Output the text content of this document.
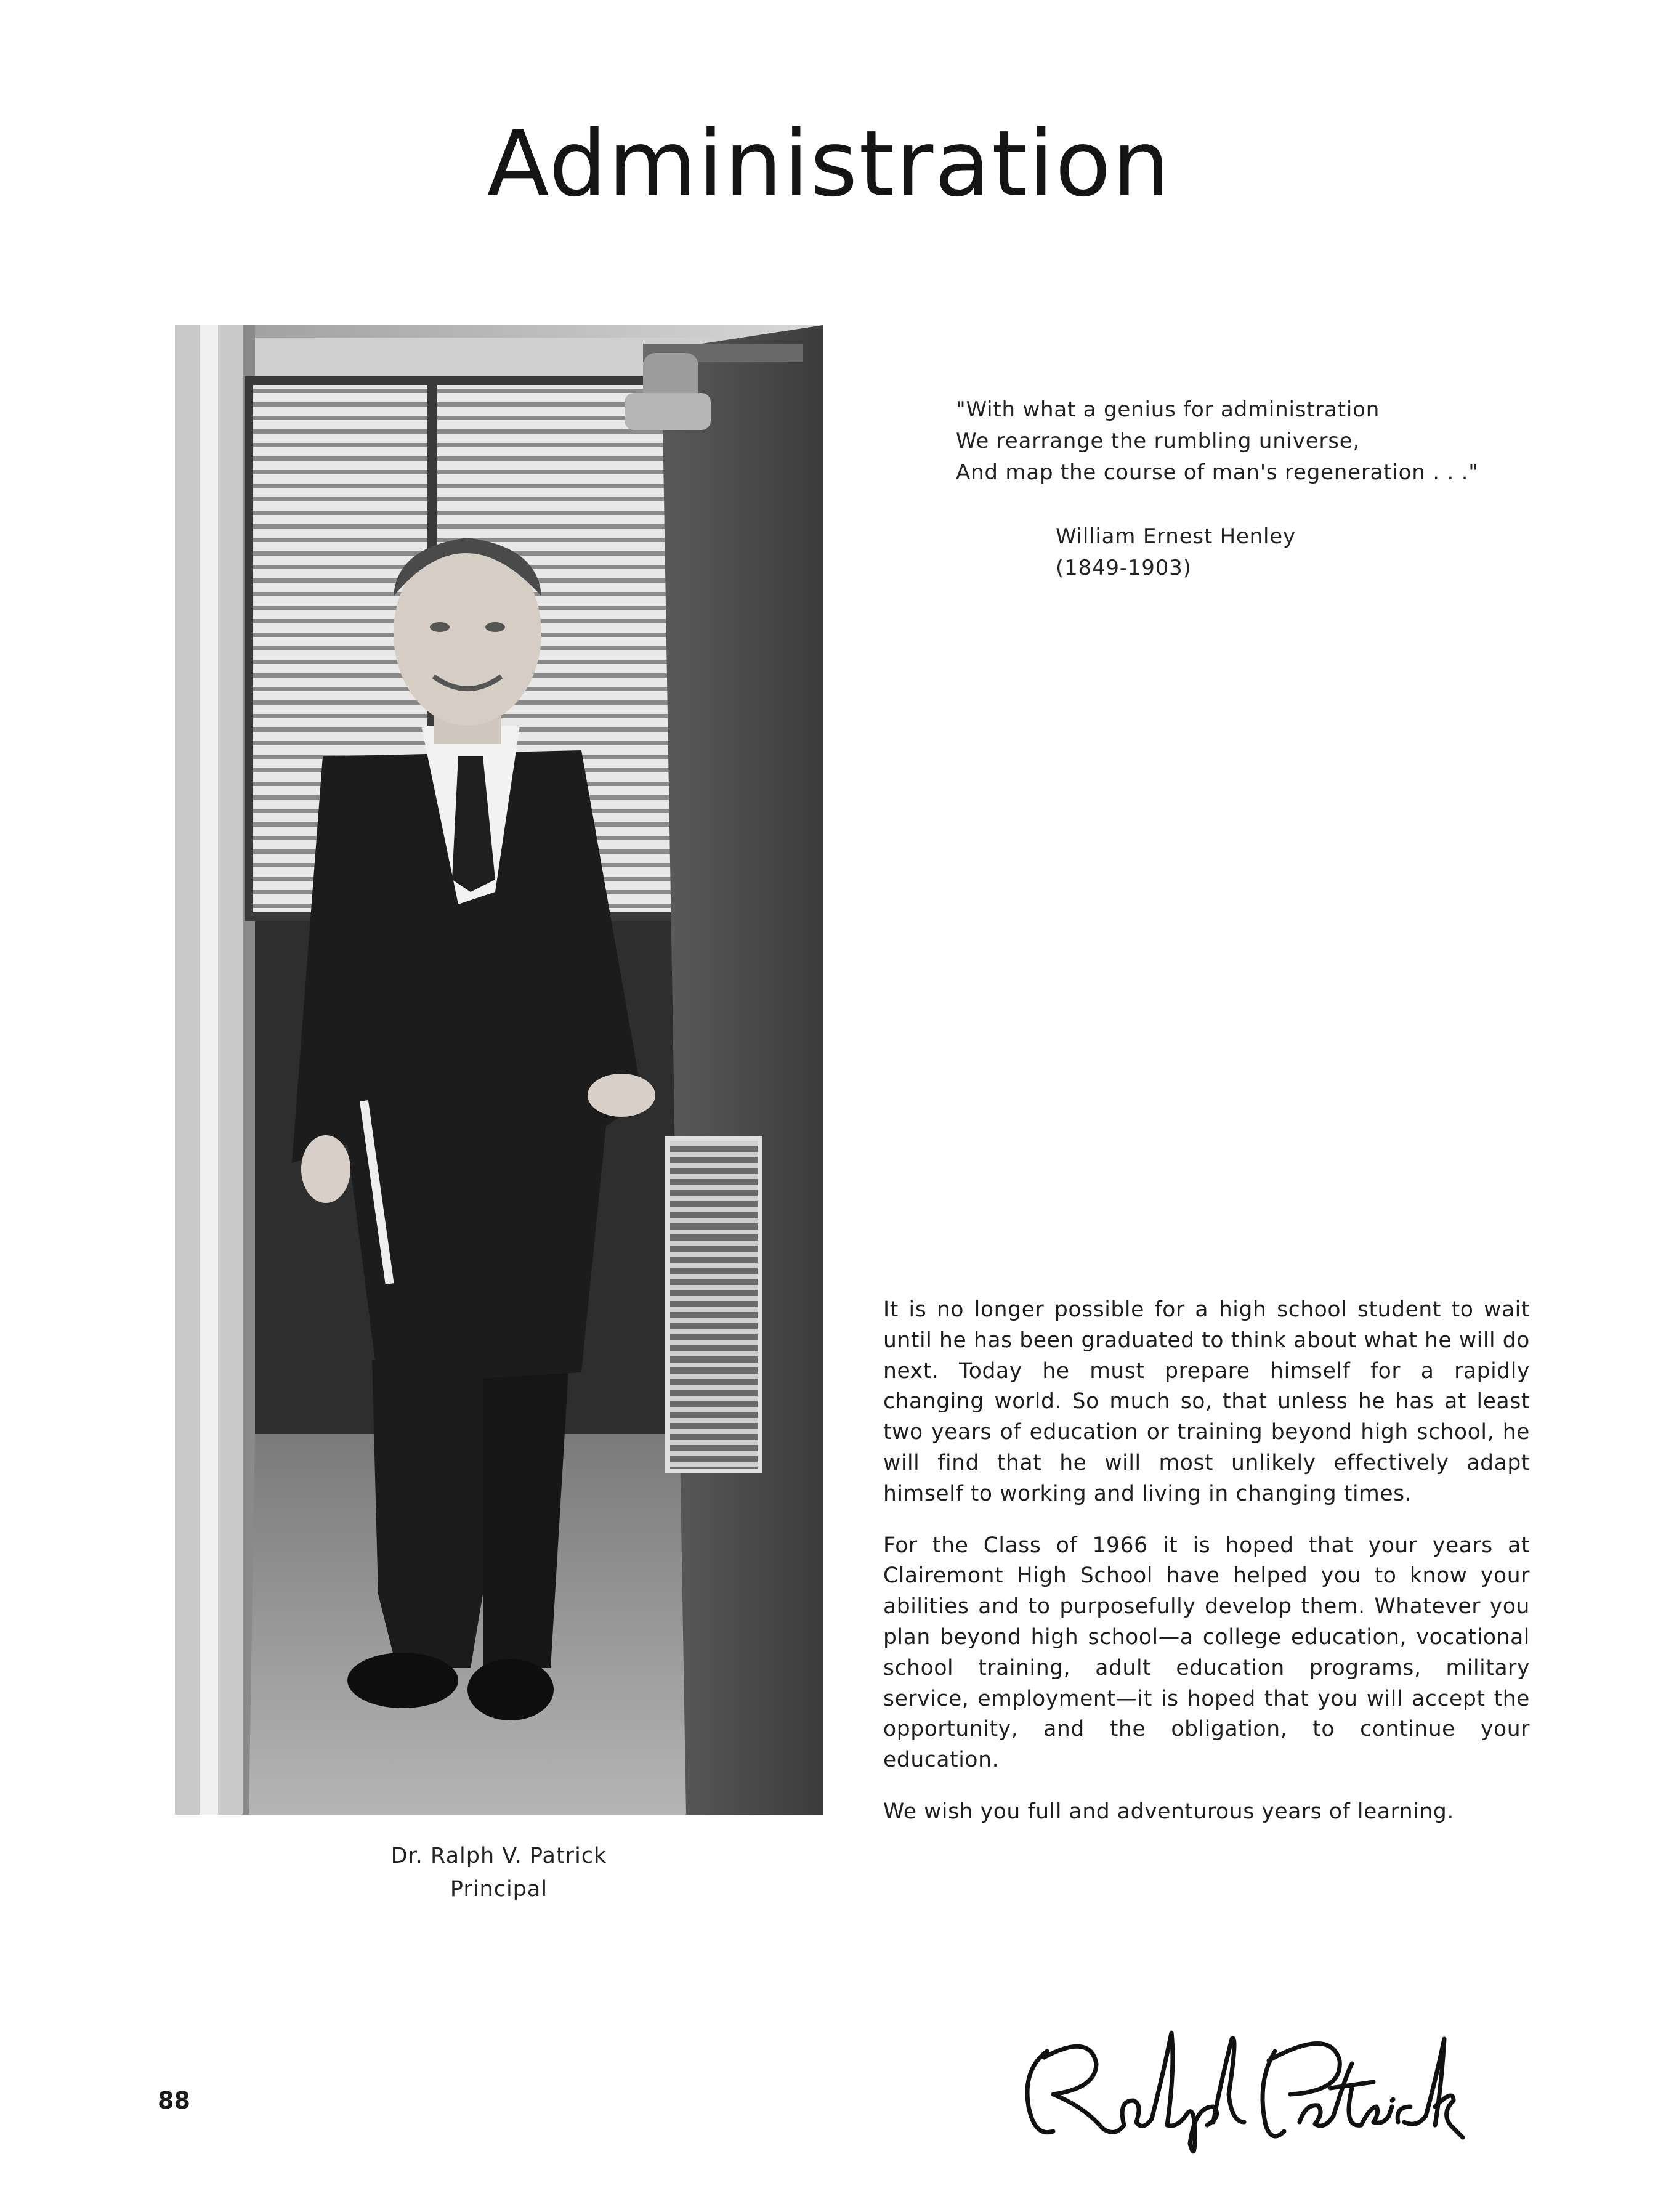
Administration
Dr. Ralph V. Patrick
Principal
"With what a genius for administration
We rearrange the rumbling universe,
And map the course of man's regeneration . . ."
William Ernest Henley
(1849-1903)

It is no longer possible for a high school student to wait until he has been graduated to think about what he will do next. Today he must prepare himself for a rapidly changing world. So much so, that unless he has at least two years of education or training beyond high school, he will find that he will most unlikely effectively adapt himself to working and living in changing times.

For the Class of 1966 it is hoped that your years at Clairemont High School have helped you to know your abilities and to purposefully develop them. Whatever you plan beyond high school—a college education, vocational school training, adult education programs, military service, employment—it is hoped that you will accept the opportunity, and the obligation, to continue your education.

We wish you full and adventurous years of learning.

88
